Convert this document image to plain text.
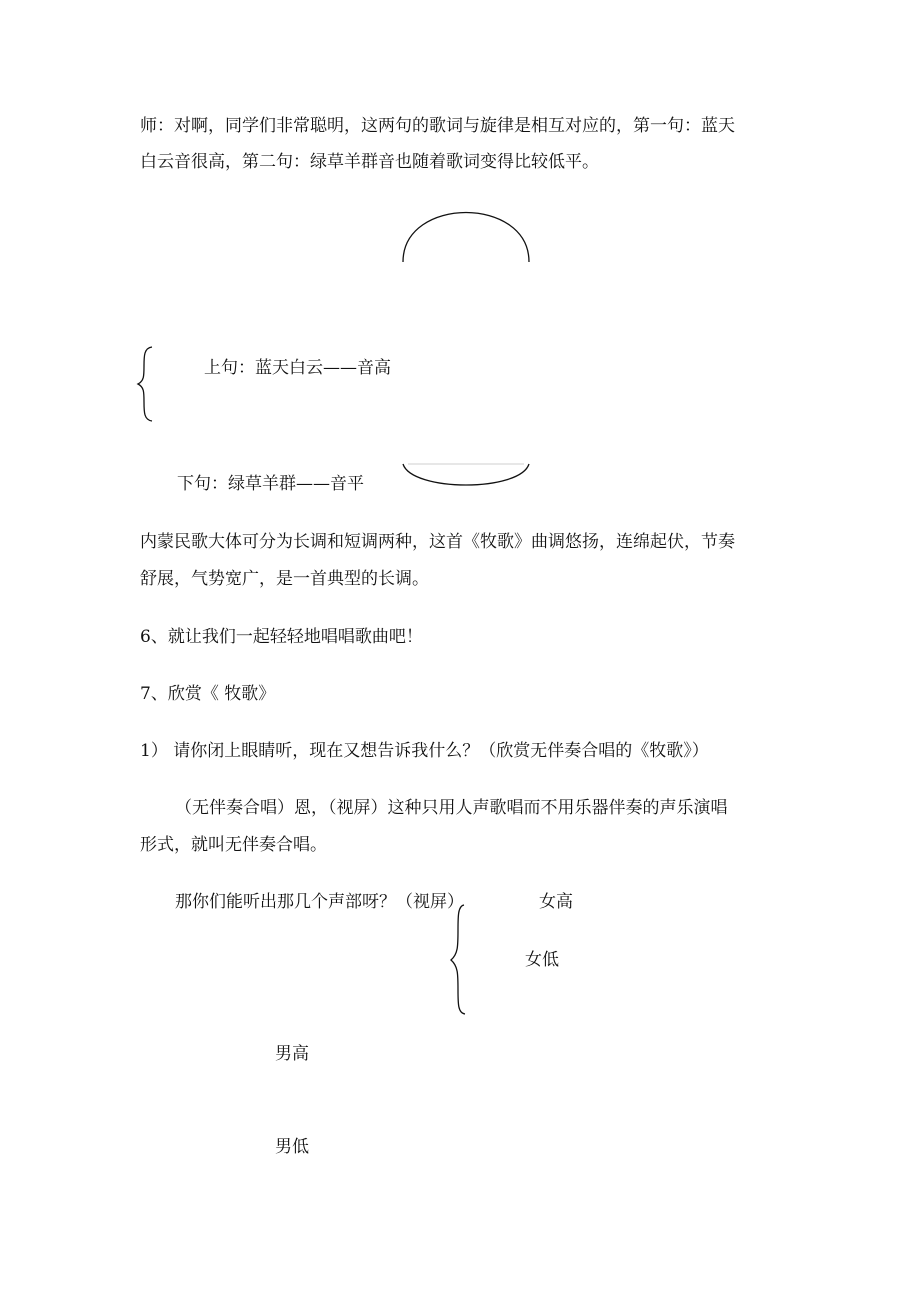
师：对啊，同学们非常聪明，这两句的歌词与旋律是相互对应的，第一句：蓝天
白云音很高，第二句：绿草羊群音也随着歌词变得比较低平。
上句：蓝天白云——音高
下句：绿草羊群——音平
内蒙民歌大体可分为长调和短调两种，这首《牧歌》曲调悠扬，连绵起伏，节奏
舒展，气势宽广，是一首典型的长调。
6、就让我们一起轻轻地唱唱歌曲吧！
7、欣赏《 牧歌》
1） 请你闭上眼睛听，现在又想告诉我什么？（欣赏无伴奏合唱的《牧歌》）
（无伴奏合唱）恩，（视屏）这种只用人声歌唱而不用乐器伴奏的声乐演唱
形式，就叫无伴奏合唱。
那你们能听出那几个声部呀？（视屏）	女高
女低
男高
男低
